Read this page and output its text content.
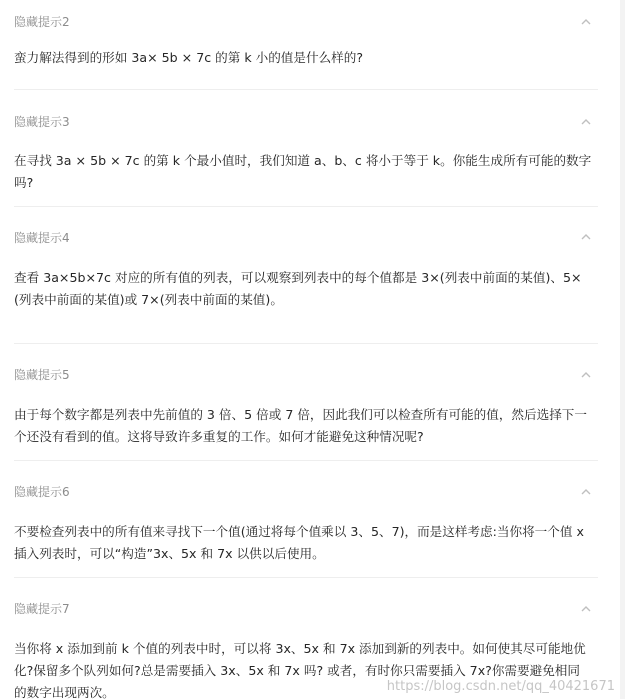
隐藏提示2
蛮力解法得到的形如 3a× 5b × 7c 的第 k 小的值是什么样的?
隐藏提示3
在寻找 3a × 5b × 7c 的第 k 个最小值时，我们知道 a、b、c 将小于等于 k。你能生成所有可能的数字吗?
隐藏提示4
查看 3a×5b×7c 对应的所有值的列表，可以观察到列表中的每个值都是 3×(列表中前面的某值)、5×(列表中前面的某值)或 7×(列表中前面的某值)。
隐藏提示5
由于每个数字都是列表中先前值的 3 倍、5 倍或 7 倍，因此我们可以检查所有可能的值，然后选择下一个还没有看到的值。这将导致许多重复的工作。如何才能避免这种情况呢?
隐藏提示6
不要检查列表中的所有值来寻找下一个值(通过将每个值乘以 3、5、7)，而是这样考虑:当你将一个值 x 插入列表时，可以“构造”3x、5x 和 7x 以供以后使用。
隐藏提示7
当你将 x 添加到前 k 个值的列表中时，可以将 3x、5x 和 7x 添加到新的列表中。如何使其尽可能地优化?保留多个队列如何?总是需要插入 3x、5x 和 7x 吗? 或者，有时你只需要插入 7x?你需要避免相同的数字出现两次。	https://blog.csdn.net/qq_40421671
